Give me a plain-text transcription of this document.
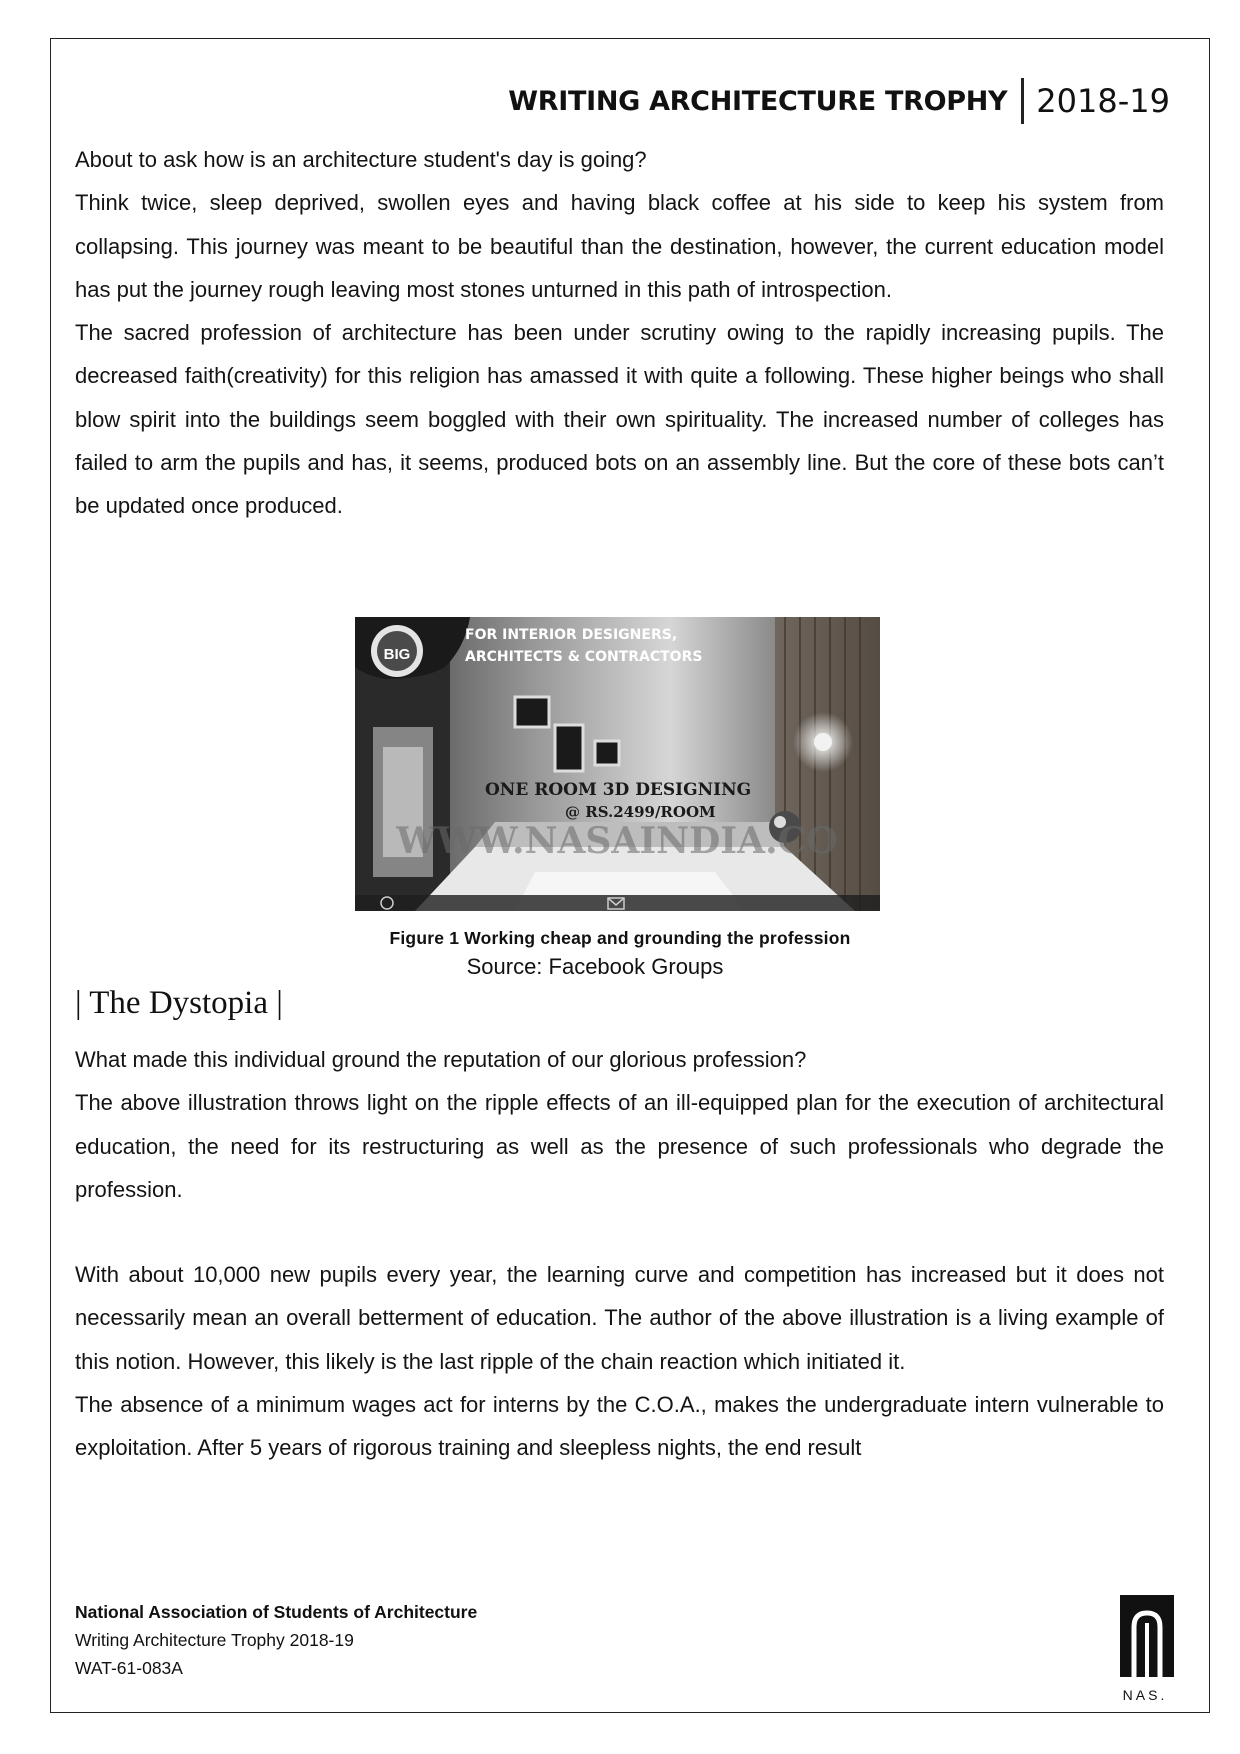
WRITING ARCHITECTURE TROPHY 2018-19

About to ask how is an architecture student's day is going?

Think twice, sleep deprived, swollen eyes and having black coffee at his side to keep his system from collapsing. This journey was meant to be beautiful than the destination, however, the current education model has put the journey rough leaving most stones unturned in this path of introspection.

The sacred profession of architecture has been under scrutiny owing to the rapidly increasing pupils. The decreased faith(creativity) for this religion has amassed it with quite a following. These higher beings who shall blow spirit into the buildings seem boggled with their own spirituality. The increased number of colleges has failed to arm the pupils and has, it seems, produced bots on an assembly line. But the core of these bots can’t be updated once produced.

BIG
FOR INTERIOR DESIGNERS,
ARCHITECTS & CONTRACTORS
ONE ROOM 3D DESIGNING
@ RS.2499/ROOM
WWW.NASAINDIA.CO
Figure 1 Working cheap and grounding the profession
Source: Facebook Groups
| The Dystopia |

What made this individual ground the reputation of our glorious profession?

The above illustration throws light on the ripple effects of an ill-equipped plan for the execution of architectural education, the need for its restructuring as well as the presence of such professionals who degrade the profession.

With about 10,000 new pupils every year, the learning curve and competition has increased but it does not necessarily mean an overall betterment of education. The author of the above illustration is a living example of this notion. However, this likely is the last ripple of the chain reaction which initiated it.

The absence of a minimum wages act for interns by the C.O.A., makes the undergraduate intern vulnerable to exploitation. After 5 years of rigorous training and sleepless nights, the end result

National Association of Students of Architecture
Writing Architecture Trophy 2018-19
WAT-61-083A
NAS.
